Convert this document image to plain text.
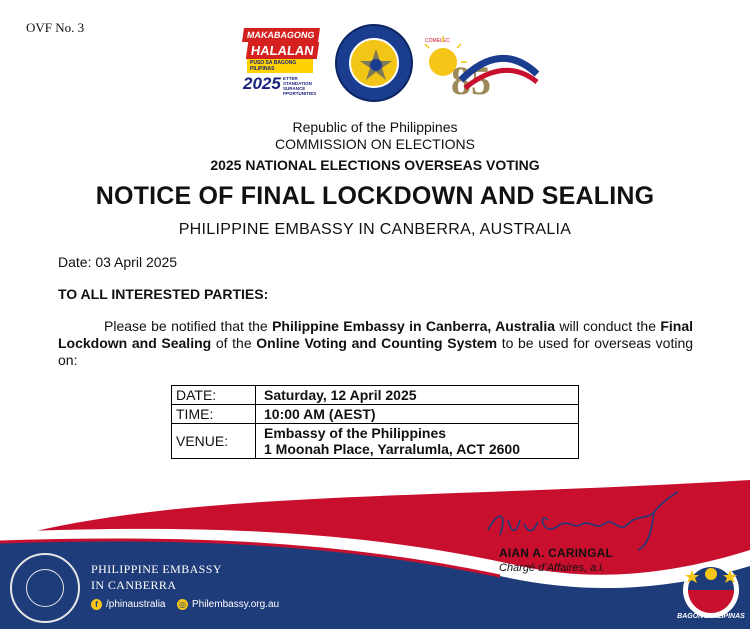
OVF No. 3	MAKABAGONG
HALALAN
PUSO SA BAGONG PILIPINAS
2025 ETTER
STANDATION
SURANCE
PPORTUNITIES
COMELEC
85
Republic of the Philippines
COMMISSION ON ELECTIONS
2025 NATIONAL ELECTIONS OVERSEAS VOTING
NOTICE OF FINAL LOCKDOWN AND SEALING
PHILIPPINE EMBASSY IN CANBERRA, AUSTRALIA
Date: 03 April 2025
TO ALL INTERESTED PARTIES:
Please be notified that the Philippine Embassy in Canberra, Australia will conduct the Final Lockdown and Sealing of the Online Voting and Counting System to be used for overseas voting on:
DATE:	Saturday, 12 April 2025
TIME:	10:00 AM (AEST)
VENUE:	Embassy of the Philippines
1 Moonah Place, Yarralumla, ACT 2600
AIAN A. CARINGAL
Chargé d’Affaires, a.i.
PHILIPPINE EMBASSY
IN CANBERRA
f /phinaustralia ◎ Philembassy.org.au
BAGONG PILIPINAS
